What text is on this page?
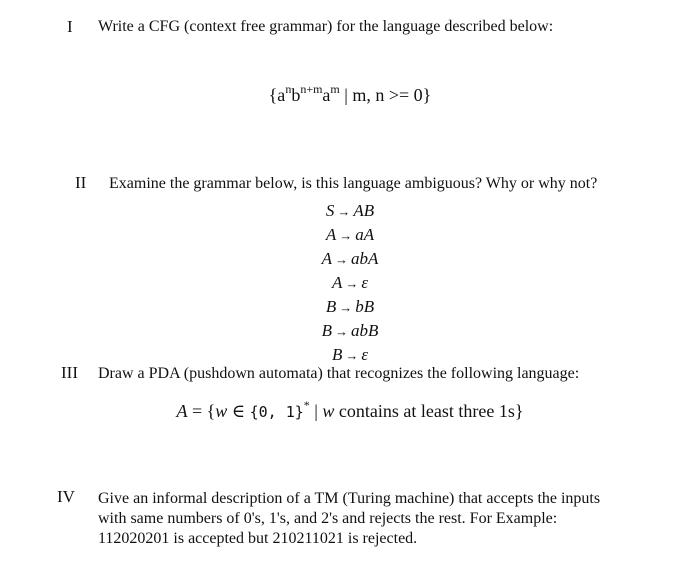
I Write a CFG (context free grammar) for the language described below:
{$a^nb^{n+m}a^m$ | m, n >= 0}
II Examine the grammar below, is this language ambiguous? Why or why not?
S → AB
A → aA
A → abA
A → ε
B → bB
B → abB
B → ε
III Draw a PDA (pushdown automata) that recognizes the following language:
A = {w ∈ {0, 1}* | w contains at least three 1s}
IV Give an informal description of a TM (Turing machine) that accepts the inputs with same numbers of 0's, 1's, and 2's and rejects the rest. For Example: 112020201 is accepted but 210211021 is rejected.
